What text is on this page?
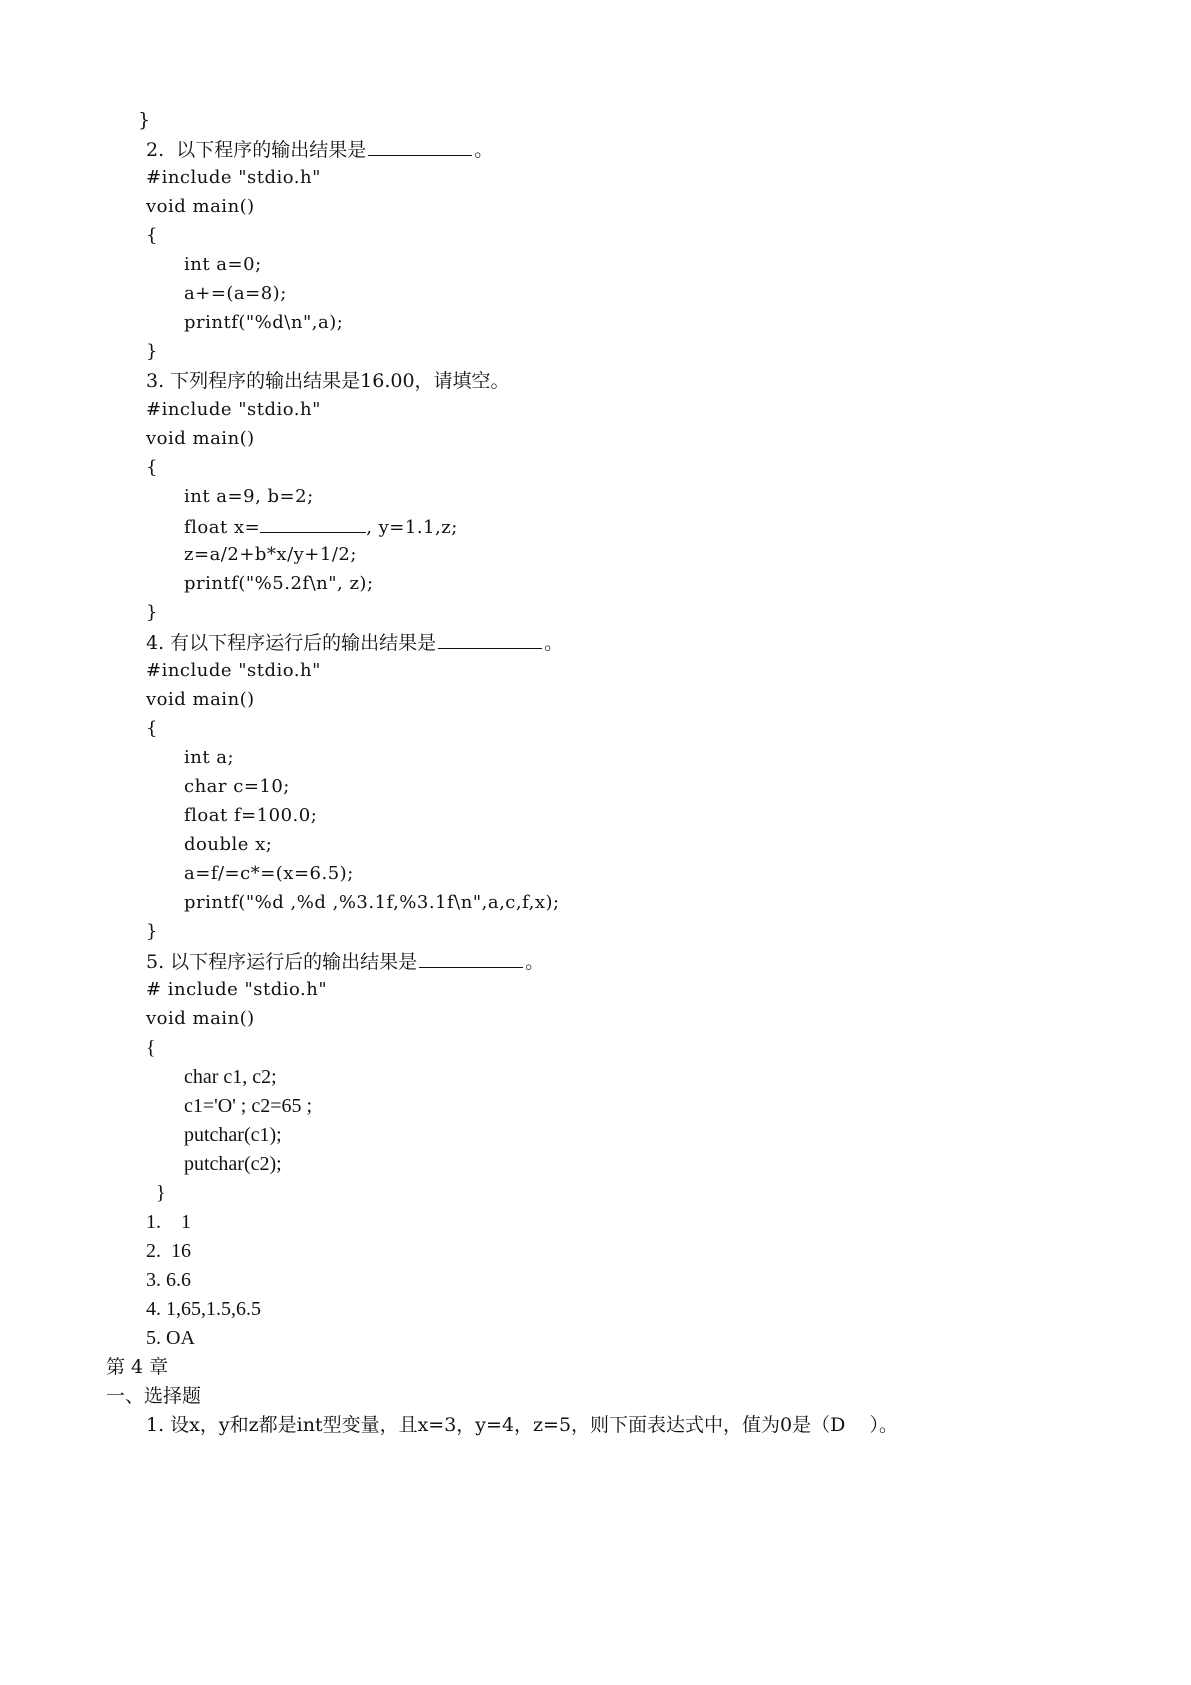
}
2.  以下程序的输出结果是	。
#include "stdio.h"
void main()
{
int a=0;
a+=(a=8);
printf("%d\n",a);
}
3. 下列程序的输出结果是16.00，请填空。
#include "stdio.h"
void main()
{
int a=9, b=2;
float x=	, y=1.1,z;
z=a/2+b*x/y+1/2;
printf("%5.2f\n", z);
}
4. 有以下程序运行后的输出结果是	。
#include "stdio.h"
void main()
{
int a;
char c=10;
float f=100.0;
double x;
a=f/=c*=(x=6.5);
printf("%d ,%d ,%3.1f,%3.1f\n",a,c,f,x);
}
5. 以下程序运行后的输出结果是	。
# include "stdio.h"
void main()
{
char c1, c2;
c1='O' ; c2=65 ;
putchar(c1);
putchar(c2);
}
1.    1
2.  16
3. 6.6
4. 1,65,1.5,6.5
5. OA
第 4 章
一、选择题
1. 设x，y和z都是int型变量，且x=3，y=4，z=5，则下面表达式中，值为0是（D    ）。
